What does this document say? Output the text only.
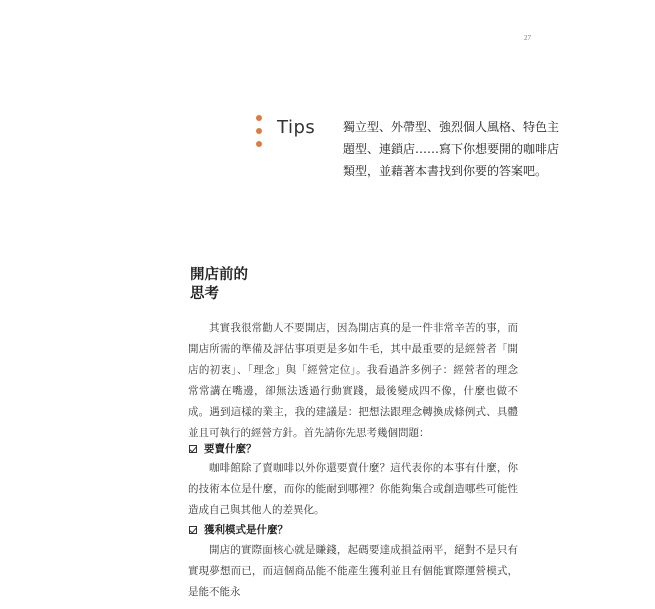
27
Tips 獨立型、外帶型、強烈個人風格、特色主題型、連鎖店……寫下你想要開的咖啡店類型，並藉著本書找到你要的答案吧。
開店前的
思考

其實我很常勸人不要開店，因為開店真的是一件非常辛苦的事，而開店所需的準備及評估事項更是多如牛毛，其中最重要的是經營者「開店的初衷」、「理念」與「經營定位」。我看過許多例子：經營者的理念常常講在嘴邊，卻無法透過行動實踐，最後變成四不像，什麼也做不成。遇到這樣的業主，我的建議是：把想法跟理念轉換成條例式、具體並且可執行的經營方針。首先請你先思考幾個問題：

要賣什麼？

咖啡館除了賣咖啡以外你還要賣什麼？這代表你的本事有什麼，你的技術本位是什麼，而你的能耐到哪裡？你能夠集合或創造哪些可能性造成自己與其他人的差異化。

獲利模式是什麼？

開店的實際面核心就是賺錢，起碼要達成損益兩平，絕對不是只有實現夢想而已，而這個商品能不能產生獲利並且有個能實際運營模式，是能不能永
